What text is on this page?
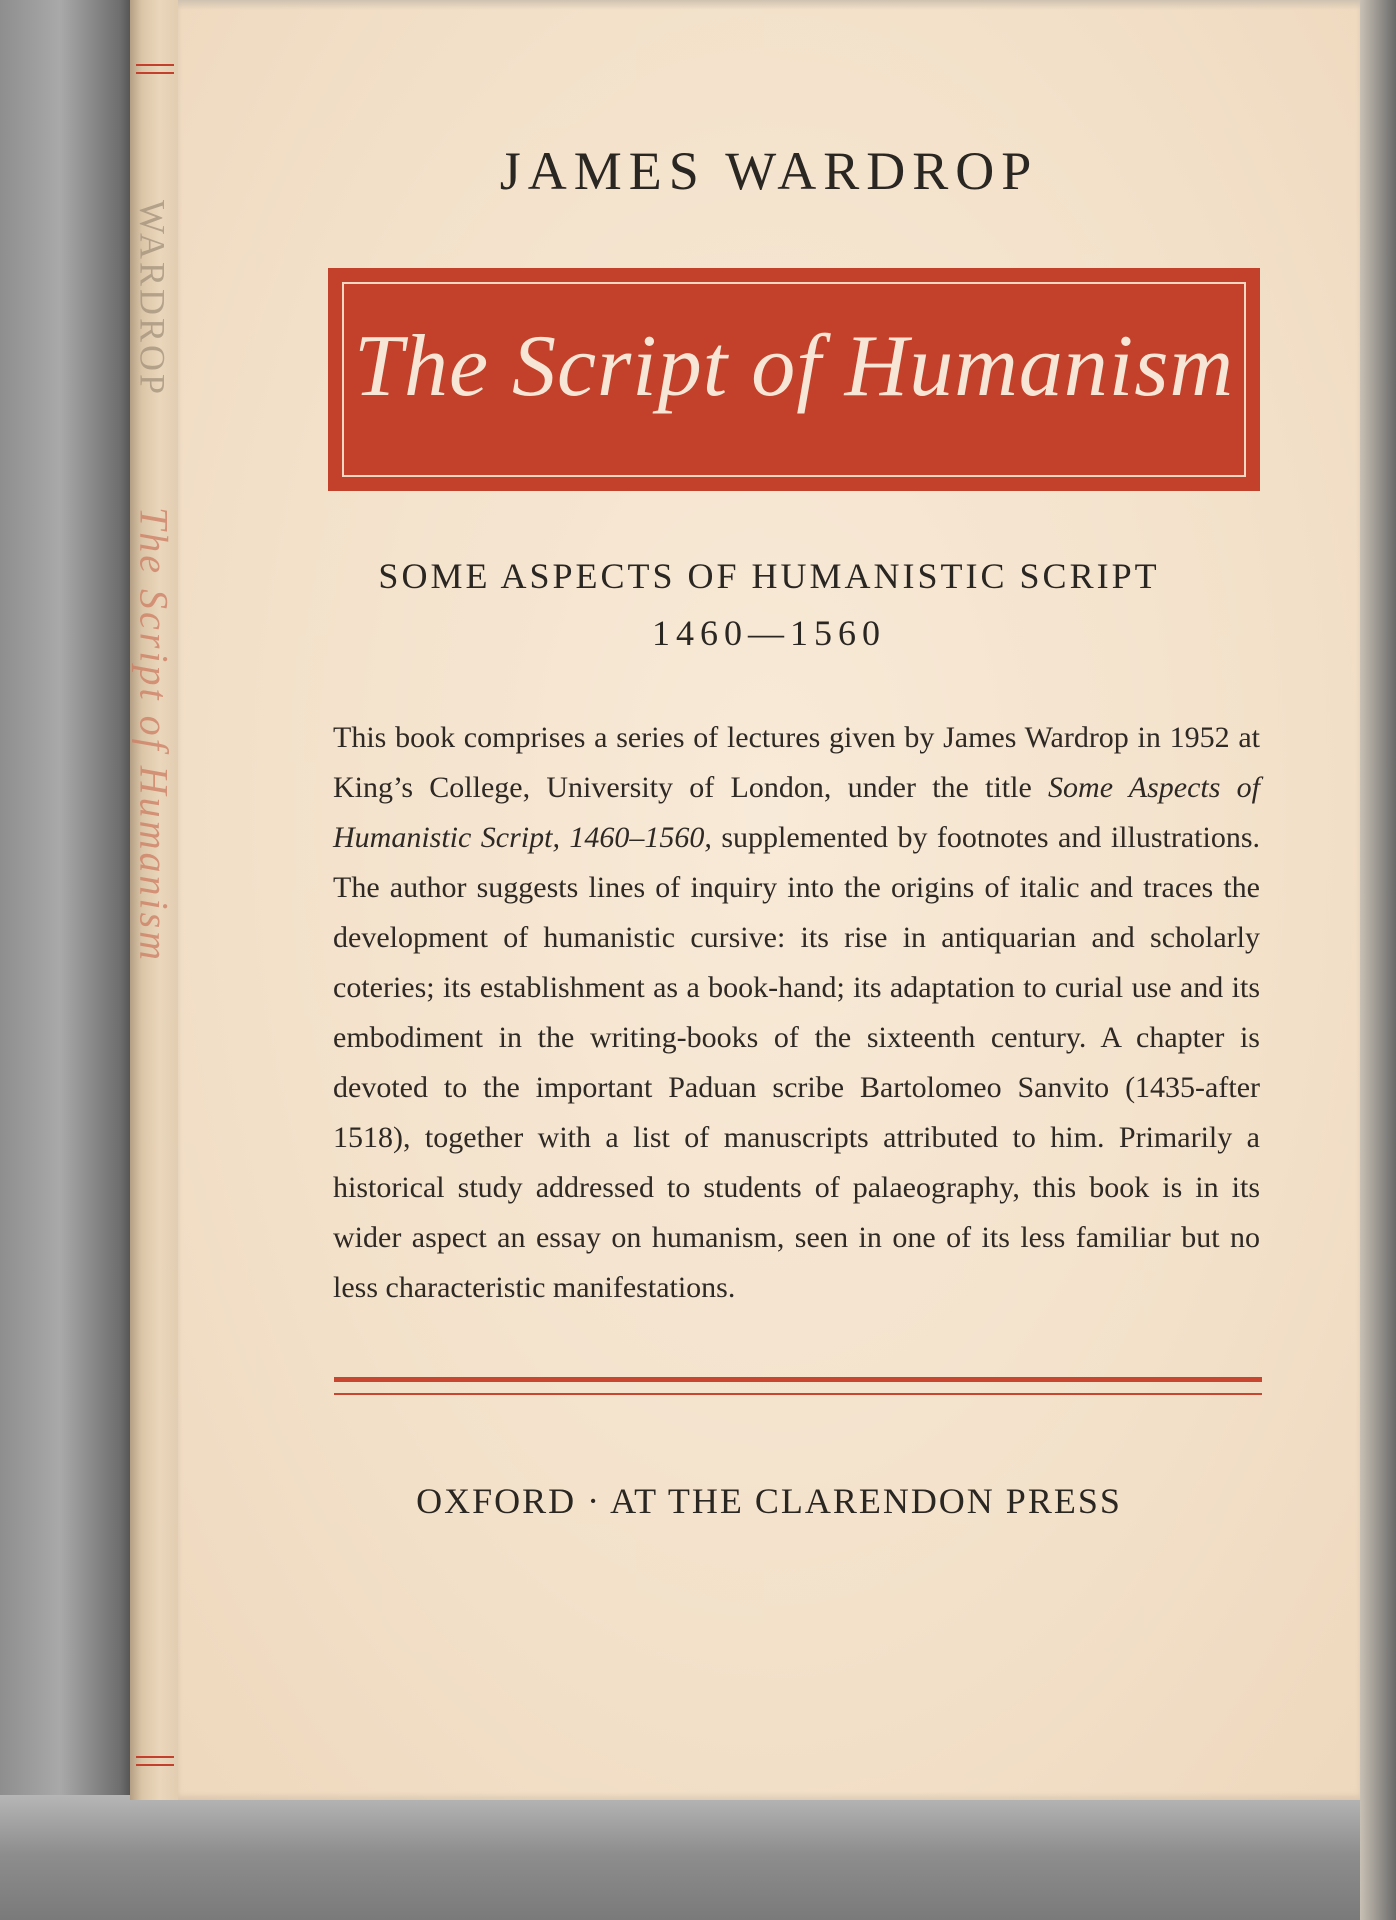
WARDROPThe Script of Humanism
JAMES WARDROP
The Script of Humanism
SOME ASPECTS OF HUMANISTIC SCRIPT
1460—1560
This book comprises a series of lectures given by James Wardrop in 1952 at King’s College, University of London, under the title Some Aspects of Humanistic Script, 1460–1560, supplemented by footnotes and illustrations. The author suggests lines of inquiry into the origins of italic and traces the development of humanistic cursive: its rise in antiquarian and scholarly coteries; its establishment as a book-hand; its adaptation to curial use and its embodiment in the writing-books of the sixteenth century. A chapter is devoted to the important Paduan scribe Bartolomeo Sanvito (1435-after 1518), together with a list of manuscripts attributed to him. Primarily a historical study addressed to students of palaeography, this book is in its wider aspect an essay on humanism, seen in one of its less familiar but no less characteristic manifestations.
OXFORD · AT THE CLARENDON PRESS
